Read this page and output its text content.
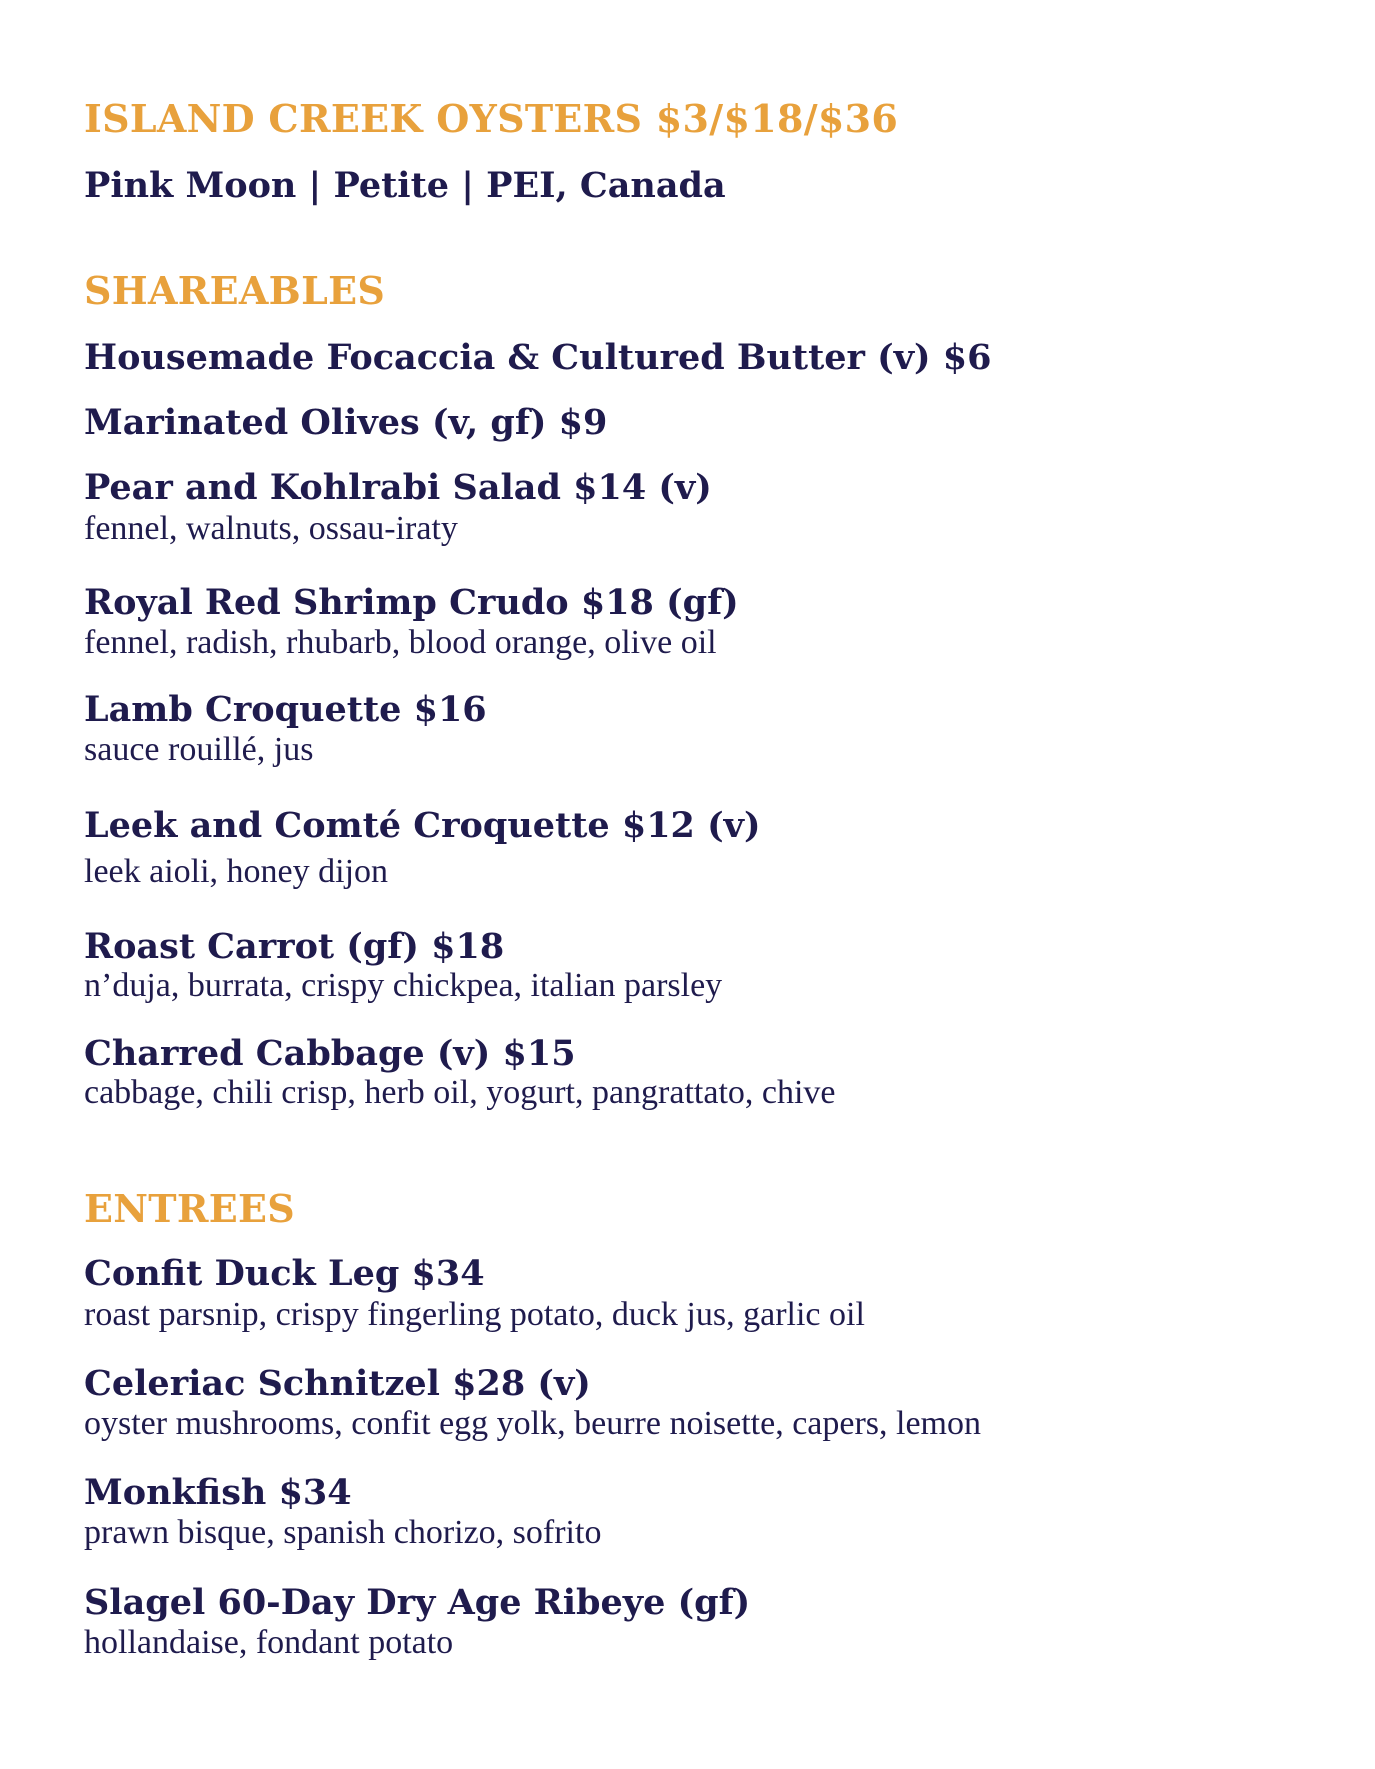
ISLAND CREEK OYSTERS $3/$18/$36
Pink Moon | Petite | PEI, Canada
SHAREABLES
Housemade Focaccia & Cultured Butter (v) $6
Marinated Olives (v, gf) $9
Pear and Kohlrabi Salad $14 (v)
fennel, walnuts, ossau-iraty
Royal Red Shrimp Crudo $18 (gf)
fennel, radish, rhubarb, blood orange, olive oil
Lamb Croquette $16
sauce rouillé, jus
Leek and Comté Croquette $12 (v)
leek aioli, honey dijon
Roast Carrot (gf) $18
n’duja, burrata, crispy chickpea, italian parsley
Charred Cabbage (v) $15
cabbage, chili crisp, herb oil, yogurt, pangrattato, chive
ENTREES
Confit Duck Leg $34
roast parsnip, crispy fingerling potato, duck jus, garlic oil
Celeriac Schnitzel $28 (v)
oyster mushrooms, confit egg yolk, beurre noisette, capers, lemon
Monkfish $34
prawn bisque, spanish chorizo, sofrito
Slagel 60-Day Dry Age Ribeye (gf)
hollandaise, fondant potato
